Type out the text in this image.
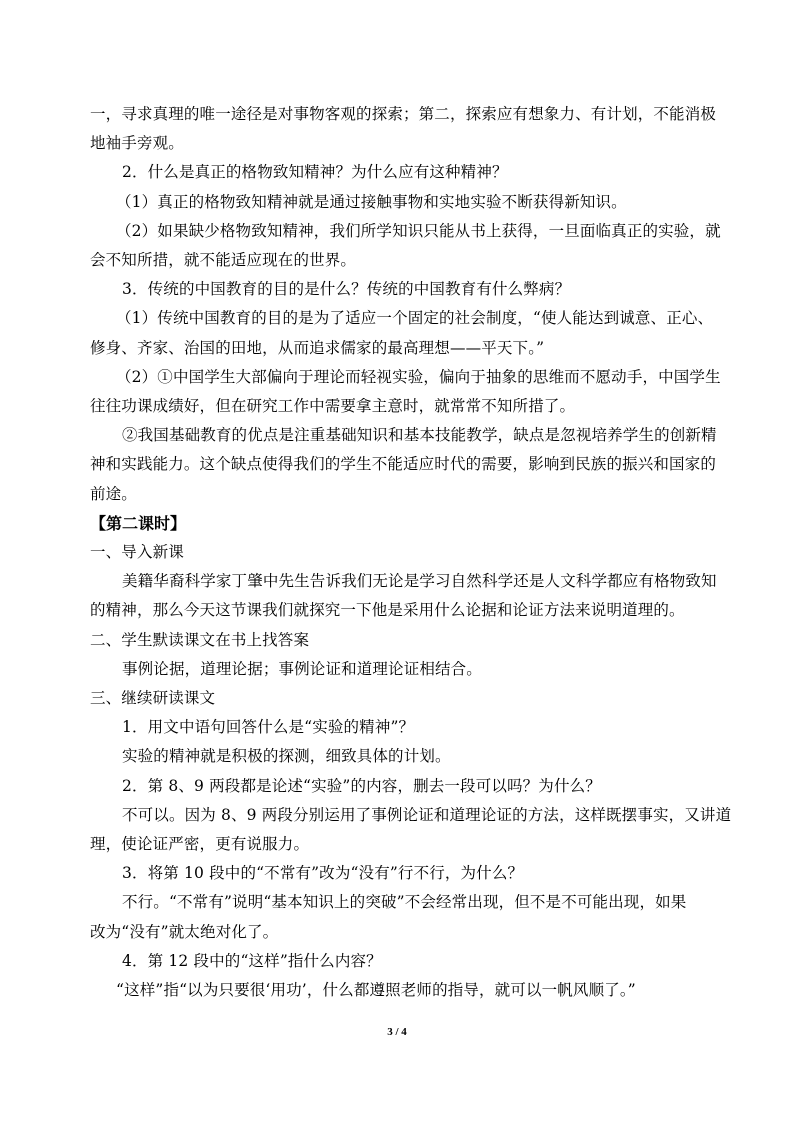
一，寻求真理的唯一途径是对事物客观的探索；第二，探索应有想象力、有计划，不能消极
地袖手旁观。
2．什么是真正的格物致知精神？为什么应有这种精神？
（1）真正的格物致知精神就是通过接触事物和实地实验不断获得新知识。
（2）如果缺少格物致知精神，我们所学知识只能从书上获得，一旦面临真正的实验，就
会不知所措，就不能适应现在的世界。
3．传统的中国教育的目的是什么？传统的中国教育有什么弊病？
（1）传统中国教育的目的是为了适应一个固定的社会制度，“使人能达到诚意、正心、
修身、齐家、治国的田地，从而追求儒家的最高理想——平天下。”
（2）①中国学生大部偏向于理论而轻视实验，偏向于抽象的思维而不愿动手，中国学生
往往功课成绩好，但在研究工作中需要拿主意时，就常常不知所措了。
②我国基础教育的优点是注重基础知识和基本技能教学，缺点是忽视培养学生的创新精
神和实践能力。这个缺点使得我们的学生不能适应时代的需要，影响到民族的振兴和国家的
前途。
【第二课时】
一、导入新课
美籍华裔科学家丁肇中先生告诉我们无论是学习自然科学还是人文科学都应有格物致知
的精神，那么今天这节课我们就探究一下他是采用什么论据和论证方法来说明道理的。
二、学生默读课文在书上找答案
事例论据，道理论据；事例论证和道理论证相结合。
三、继续研读课文
1．用文中语句回答什么是“实验的精神”？
实验的精神就是积极的探测，细致具体的计划。
2．第 8、9 两段都是论述“实验”的内容，删去一段可以吗？为什么？
不可以。因为 8、9 两段分别运用了事例论证和道理论证的方法，这样既摆事实，又讲道
理，使论证严密，更有说服力。
3．将第 10 段中的“不常有”改为“没有”行不行，为什么？
不行。“不常有”说明“基本知识上的突破”不会经常出现，但不是不可能出现，如果
改为“没有”就太绝对化了。
4．第 12 段中的“这样”指什么内容？
“这样”指“以为只要很‘用功’，什么都遵照老师的指导，就可以一帆风顺了。”
3 / 4
